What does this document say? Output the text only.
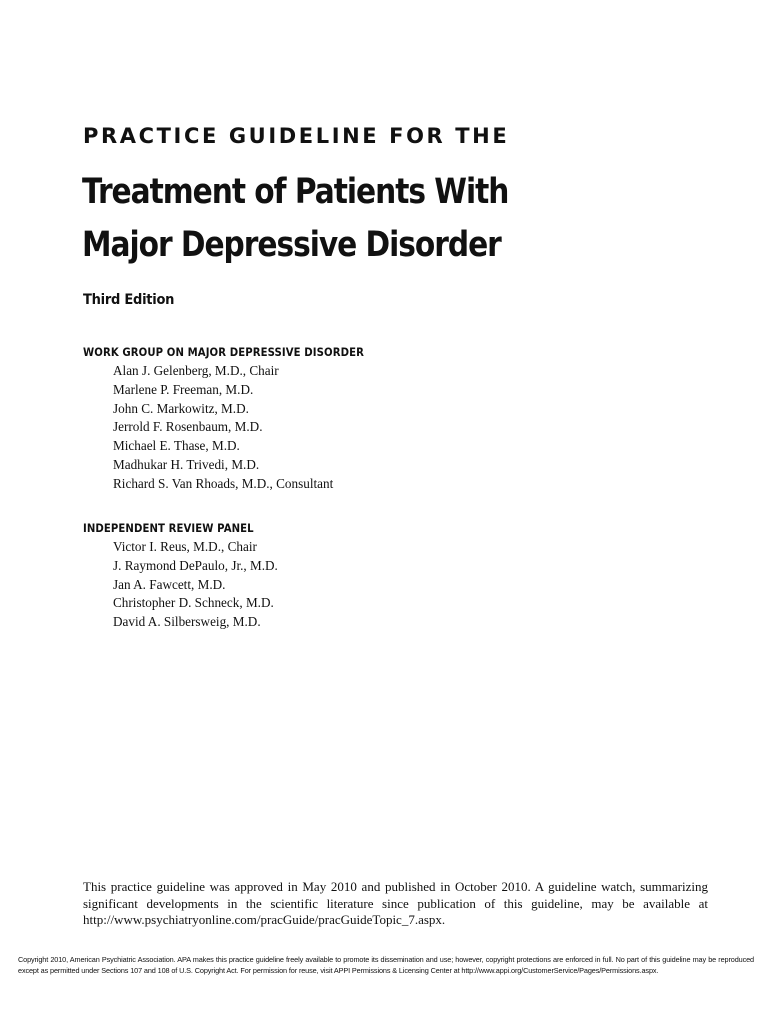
PRACTICE GUIDELINE FOR THE
Treatment of Patients With
Major Depressive Disorder
Third Edition
WORK GROUP ON MAJOR DEPRESSIVE DISORDER
Alan J. Gelenberg, M.D., Chair
Marlene P. Freeman, M.D.
John C. Markowitz, M.D.
Jerrold F. Rosenbaum, M.D.
Michael E. Thase, M.D.
Madhukar H. Trivedi, M.D.
Richard S. Van Rhoads, M.D., Consultant
INDEPENDENT REVIEW PANEL
Victor I. Reus, M.D., Chair
J. Raymond DePaulo, Jr., M.D.
Jan A. Fawcett, M.D.
Christopher D. Schneck, M.D.
David A. Silbersweig, M.D.

This practice guideline was approved in May 2010 and published in October 2010. A guideline watch, summarizing significant developments in the scientific literature since publication of this guideline, may be available at http://www.psychiatryonline.com/pracGuide/pracGuideTopic_7.aspx.

Copyright 2010, American Psychiatric Association. APA makes this practice guideline freely available to promote its dissemination and use; however, copyright protections are enforced in full. No part of this guideline may be reproduced except as permitted under Sections 107 and 108 of U.S. Copyright Act. For permission for reuse, visit APPI Permissions & Licensing Center at http://www.appi.org/CustomerService/Pages/Permissions.aspx.
